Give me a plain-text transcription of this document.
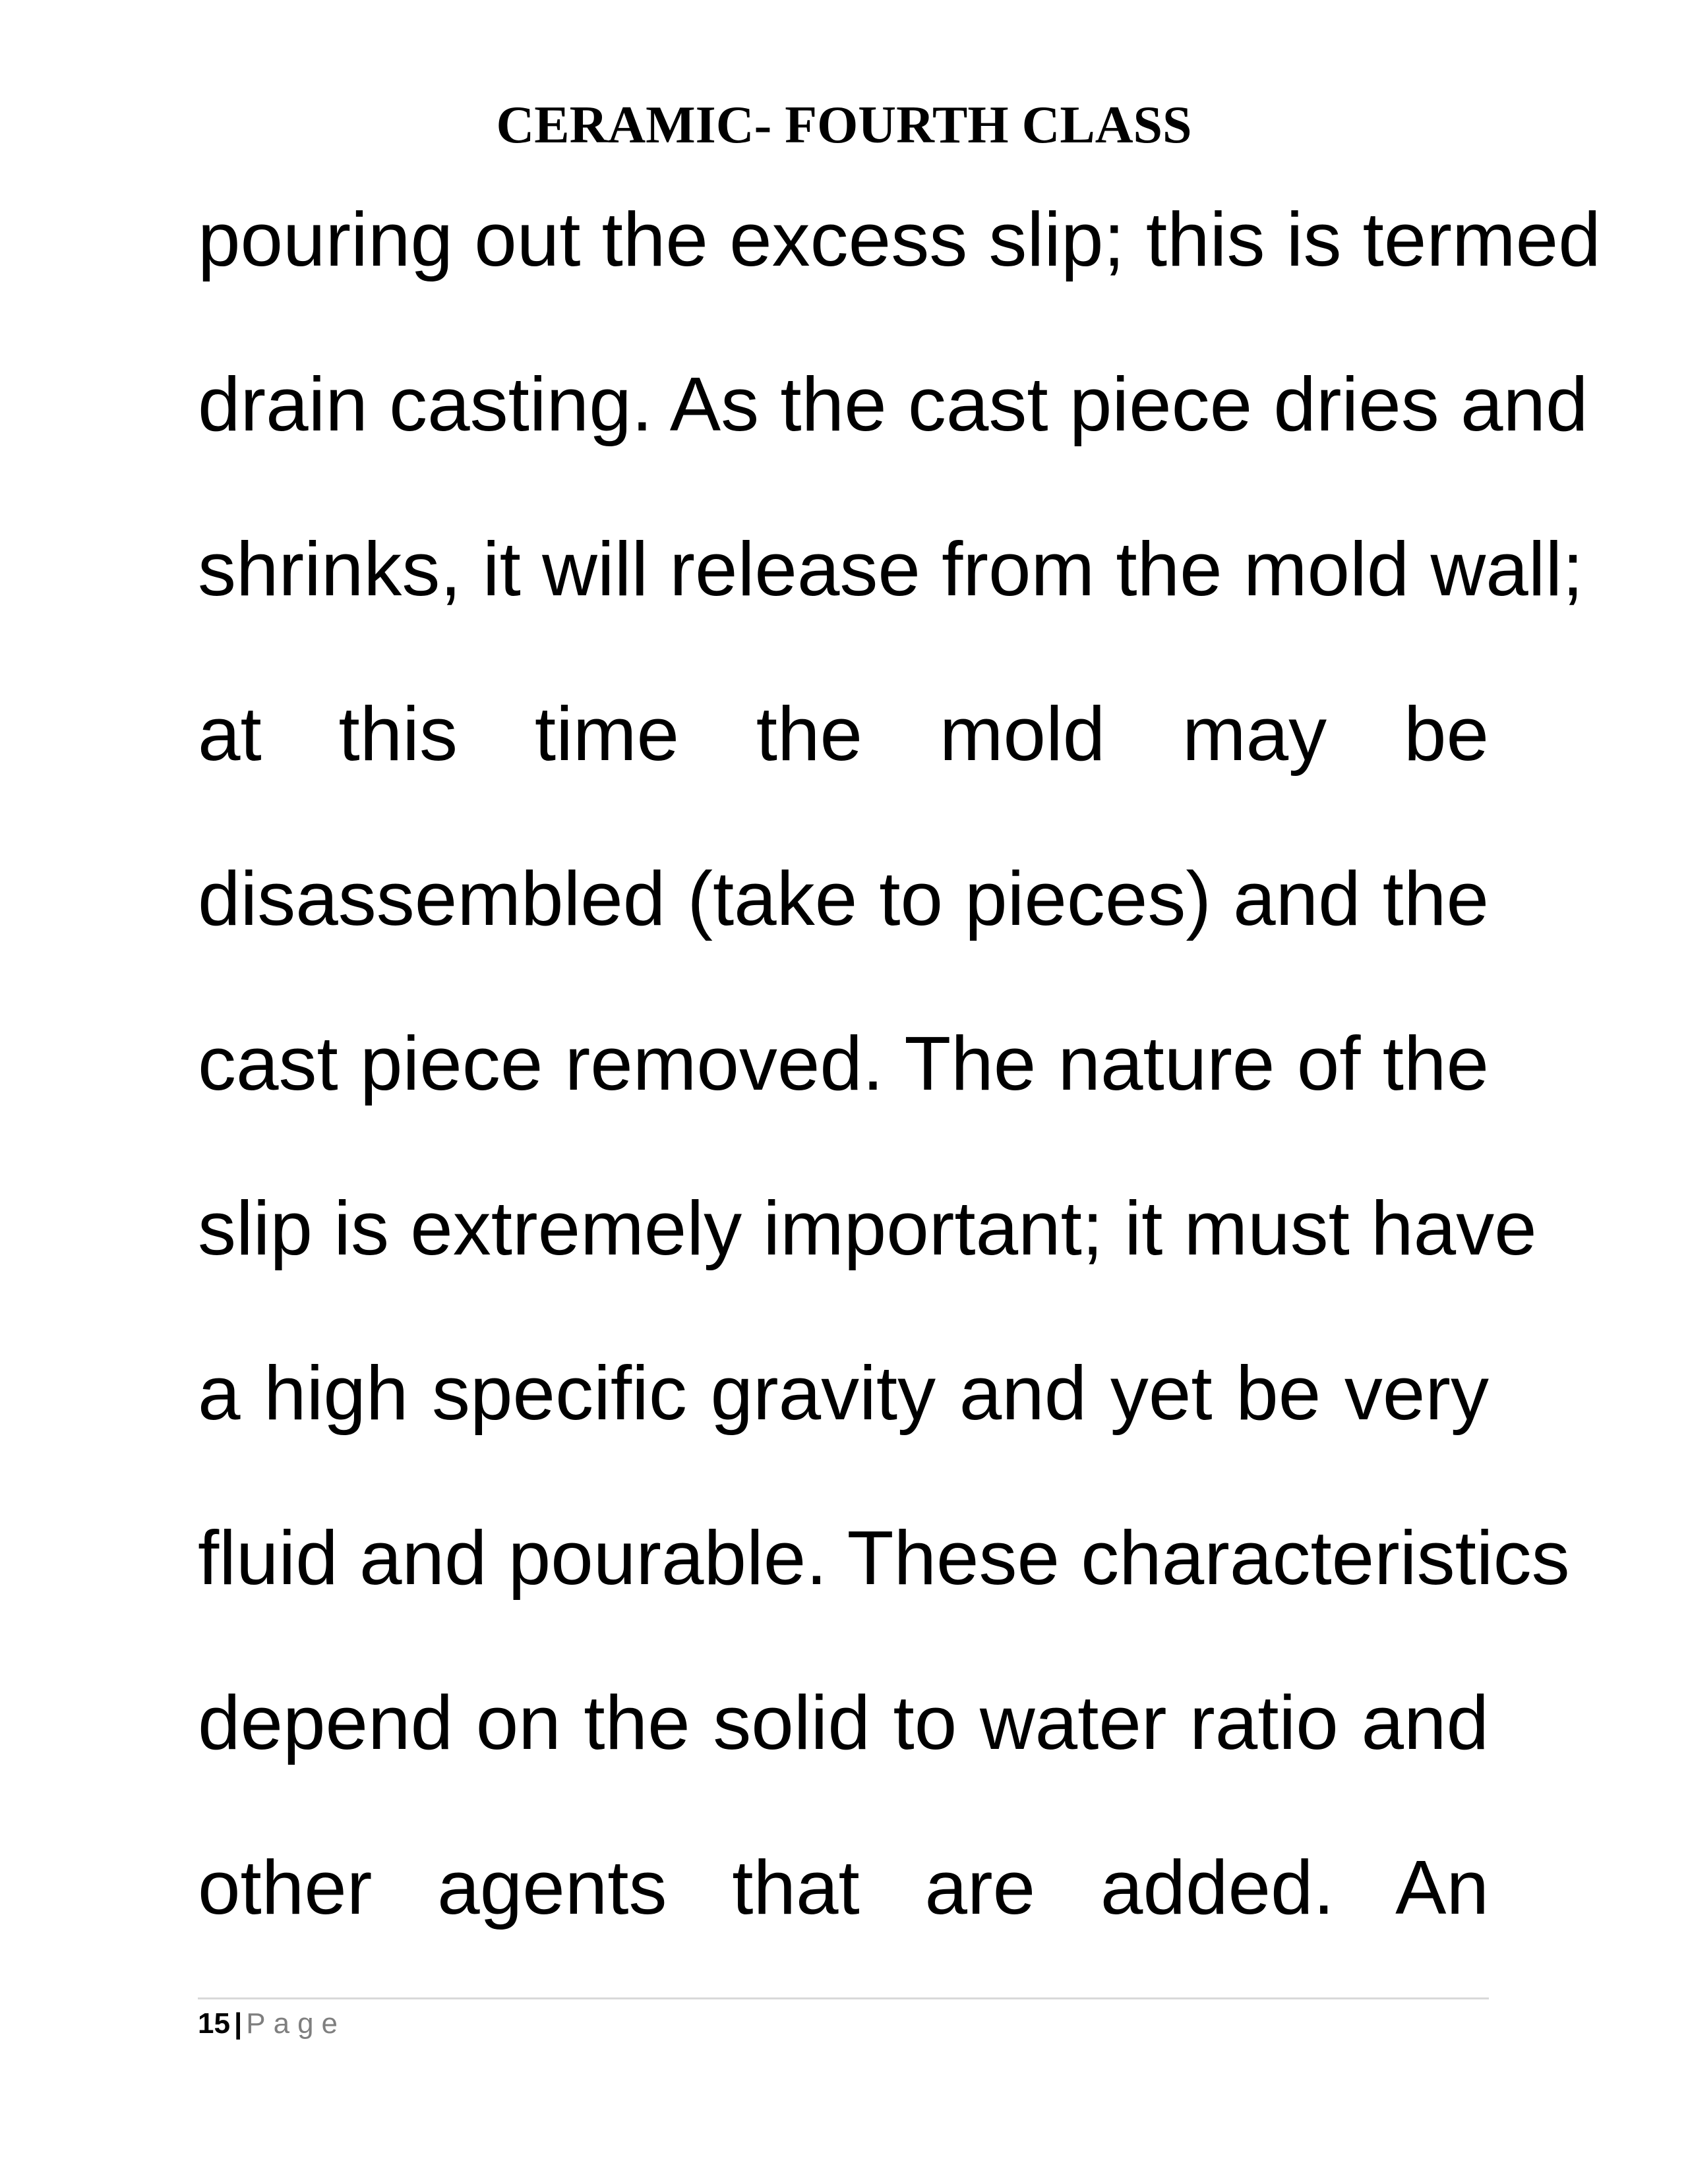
CERAMIC- FOURTH CLASS
pouring out the excess slip; this is termed
drain casting. As the cast piece dries and
shrinks, it will release from the mold wall;
at this time the mold may be
disassembled (take to pieces) and the
cast piece removed. The nature of the
slip is extremely important; it must have
a high specific gravity and yet be very
fluid and pourable. These characteristics
depend on the solid to water ratio and
other agents that are added. An
15 | Page
